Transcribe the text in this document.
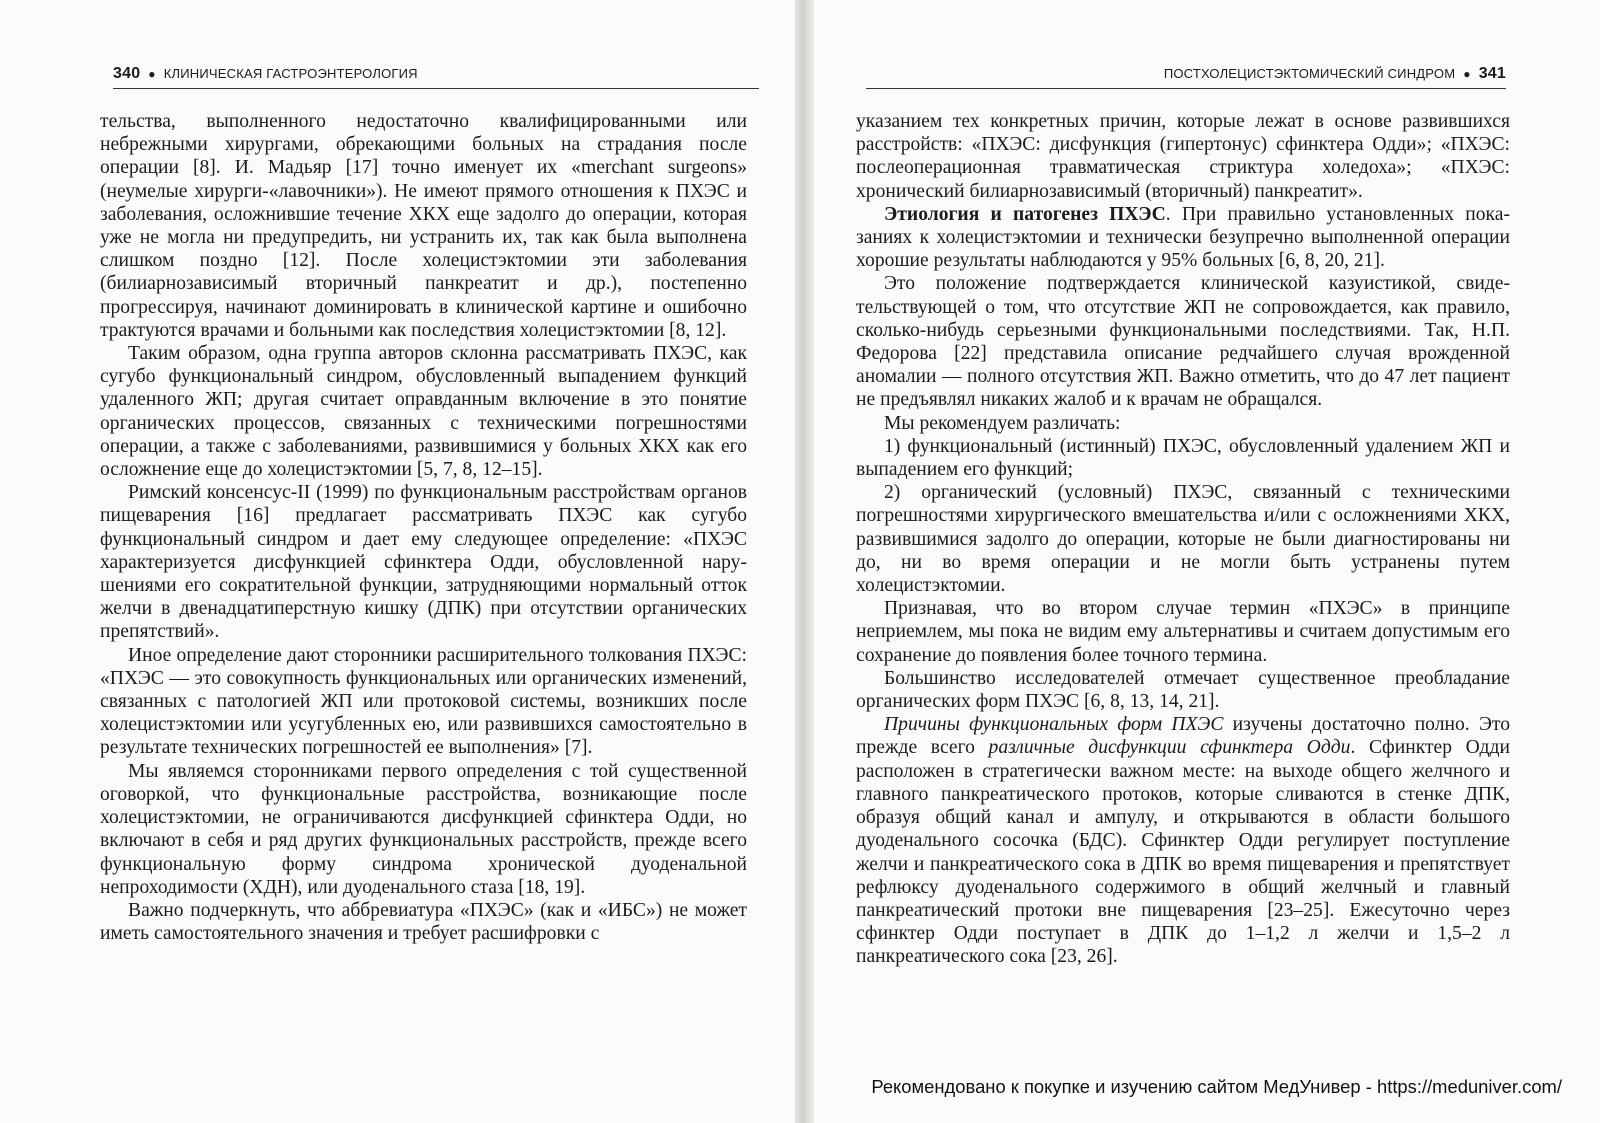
340 ● КЛИНИЧЕСКАЯ ГАСТРОЭНТЕРОЛОГИЯ

тельства, выполненного недостаточно квалифицированными или небрежными хирургами, обрекающими больных на страдания после операции [8]. И. Мадьяр [17] точно именует их «merchant surgeons» (неумелые хирурги-«лавочники»). Не имеют прямого отношения к ПХЭС и заболевания, осложнившие течение ХКХ еще задолго до операции, которая уже не могла ни предупредить, ни устранить их, так как была выполнена слишком поздно [12]. После холецистэктомии эти заболевания (билиарнозависимый вторичный панкреатит и др.), постепенно прогрессируя, начинают доминировать в клинической картине и ошибочно трактуются врачами и больными как последствия холецистэктомии [8, 12].

Таким образом, одна группа авторов склонна рассматривать ПХЭС, как сугубо функциональный синдром, обусловленный выпадением функций удаленного ЖП; другая считает оправданным включение в это понятие органических процессов, связанных с техническими погрешностями операции, а также с заболеваниями, развившимися у больных ХКХ как его осложнение еще до холецистэктомии [5, 7, 8, 12–15].

Римский консенсус-II (1999) по функциональным расстройствам органов пищеварения [16] предлагает рассматривать ПХЭС как сугубо функциональный синдром и дает ему следующее определение: «ПХЭС характеризуется дисфункцией сфинктера Одди, обусловленной нарушениями его сократительной функции, затрудняющими нормальный отток желчи в двенадцатиперстную кишку (ДПК) при отсутствии органических препятствий».

Иное определение дают сторонники расширительного толкования ПХЭС: «ПХЭС — это совокупность функциональных или органических изменений, связанных с патологией ЖП или протоковой системы, возникших после холецистэктомии или усугубленных ею, или развившихся самостоятельно в результате технических погрешностей ее выполнения» [7].

Мы являемся сторонниками первого определения с той существенной оговоркой, что функциональные расстройства, возникающие после холецистэктомии, не ограничиваются дисфункцией сфинктера Одди, но включают в себя и ряд других функциональных расстройств, прежде всего функциональную форму синдрома хронической дуоденальной непроходимости (ХДН), или дуоденального стаза [18, 19].

Важно подчеркнуть, что аббревиатура «ПХЭС» (как и «ИБС») не может иметь самостоятельного значения и требует расшифровки с

ПОСТХОЛЕЦИСТЭКТОМИЧЕСКИЙ СИНДРОМ ● 341

указанием тех конкретных причин, которые лежат в основе развившихся расстройств: «ПХЭС: дисфункция (гипертонус) сфинктера Одди»; «ПХЭС: послеоперационная травматическая стриктура холедоха»; «ПХЭС: хронический билиарнозависимый (вторичный) панкреатит».

Этиология и патогенез ПХЭС. При правильно установленных показаниях к холецистэктомии и технически безупречно выполненной операции хорошие результаты наблюдаются у 95% больных [6, 8, 20, 21].

Это положение подтверждается клинической казуистикой, свидетельствующей о том, что отсутствие ЖП не сопровождается, как правило, сколько-нибудь серьезными функциональными последствиями. Так, Н.П. Федорова [22] представила описание редчайшего случая врожденной аномалии — полного отсутствия ЖП. Важно отметить, что до 47 лет пациент не предъявлял никаких жалоб и к врачам не обращался.

Мы рекомендуем различать:

1) функциональный (истинный) ПХЭС, обусловленный удалением ЖП и выпадением его функций;

2) органический (условный) ПХЭС, связанный с техническими погрешностями хирургического вмешательства и/или с осложнениями ХКХ, развившимися задолго до операции, которые не были диагностированы ни до, ни во время операции и не могли быть устранены путем холецистэктомии.

Признавая, что во втором случае термин «ПХЭС» в принципе неприемлем, мы пока не видим ему альтернативы и считаем допустимым его сохранение до появления более точного термина.

Большинство исследователей отмечает существенное преобладание органических форм ПХЭС [6, 8, 13, 14, 21].

Причины функциональных форм ПХЭС изучены достаточно полно. Это прежде всего различные дисфункции сфинктера Одди. Сфинктер Одди расположен в стратегически важном месте: на выходе общего желчного и главного панкреатического протоков, которые сливаются в стенке ДПК, образуя общий канал и ампулу, и открываются в области большого дуоденального сосочка (БДС). Сфинктер Одди регулирует поступление желчи и панкреатического сока в ДПК во время пищеварения и препятствует рефлюксу дуоденального содержимого в общий желчный и главный панкреатический протоки вне пищеварения [23–25]. Ежесуточно через сфинктер Одди поступает в ДПК до 1–1,2 л желчи и 1,5–2 л панкреатического сока [23, 26].

Рекомендовано к покупке и изучению сайтом МедУнивер - https://meduniver.com/
